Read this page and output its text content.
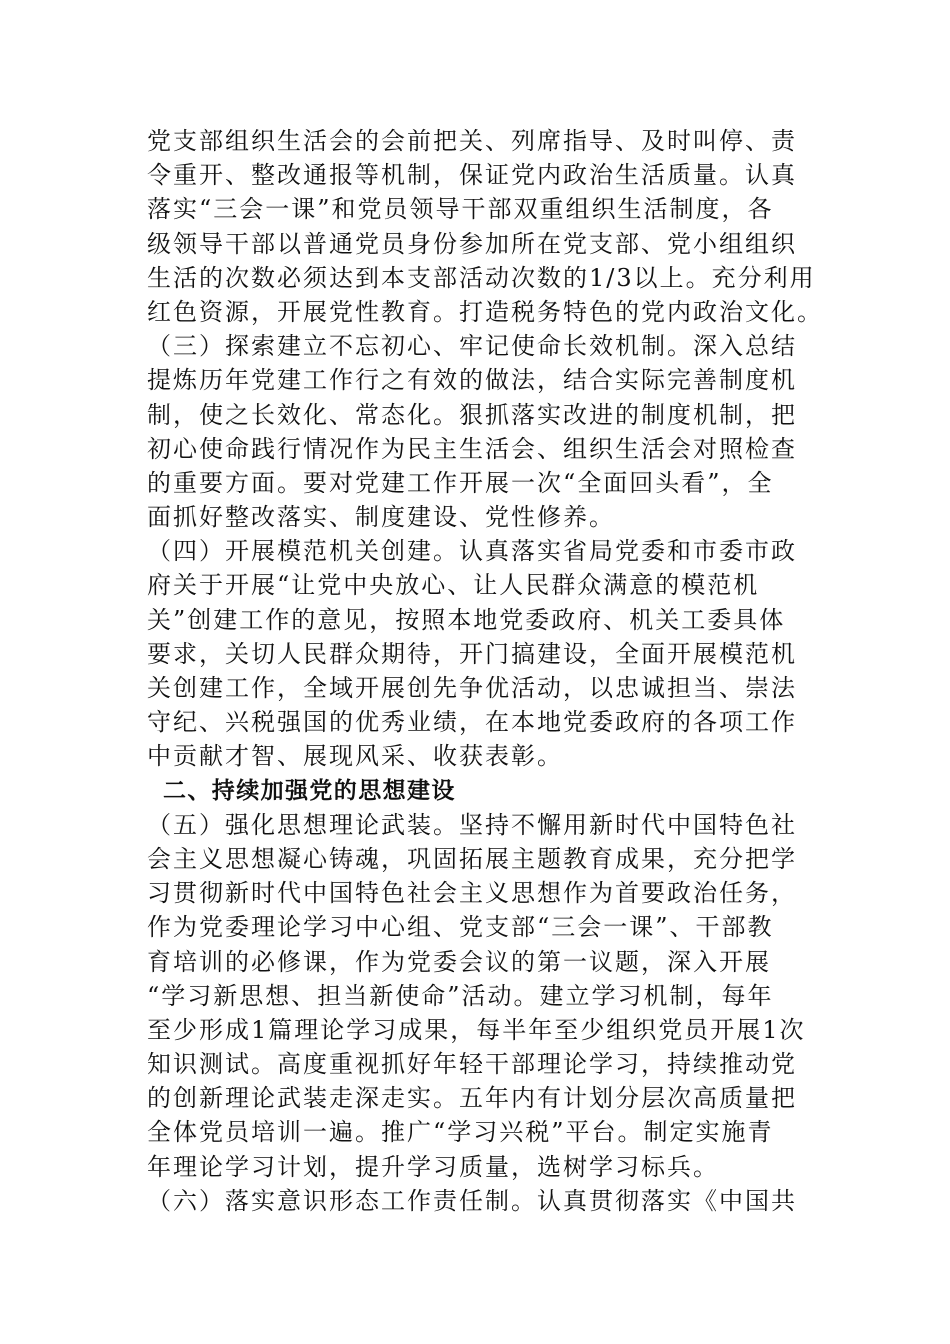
党支部组织生活会的会前把关、列席指导、及时叫停、责
令重开、整改通报等机制，保证党内政治生活质量。认真
落实“三会一课”和党员领导干部双重组织生活制度，各
级领导干部以普通党员身份参加所在党支部、党小组组织
生活的次数必须达到本支部活动次数的1/3以上。充分利用
红色资源，开展党性教育。打造税务特色的党内政治文化。
（三）探索建立不忘初心、牢记使命长效机制。深入总结
提炼历年党建工作行之有效的做法，结合实际完善制度机
制，使之长效化、常态化。狠抓落实改进的制度机制，把
初心使命践行情况作为民主生活会、组织生活会对照检查
的重要方面。要对党建工作开展一次“全面回头看”，全
面抓好整改落实、制度建设、党性修养。
（四）开展模范机关创建。认真落实省局党委和市委市政
府关于开展“让党中央放心、让人民群众满意的模范机
关”创建工作的意见，按照本地党委政府、机关工委具体
要求，关切人民群众期待，开门搞建设，全面开展模范机
关创建工作，全域开展创先争优活动，以忠诚担当、崇法
守纪、兴税强国的优秀业绩，在本地党委政府的各项工作
中贡献才智、展现风采、收获表彰。
二、持续加强党的思想建设
（五）强化思想理论武装。坚持不懈用新时代中国特色社
会主义思想凝心铸魂，巩固拓展主题教育成果，充分把学
习贯彻新时代中国特色社会主义思想作为首要政治任务，
作为党委理论学习中心组、党支部“三会一课”、干部教
育培训的必修课，作为党委会议的第一议题，深入开展
“学习新思想、担当新使命”活动。建立学习机制，每年
至少形成1篇理论学习成果，每半年至少组织党员开展1次
知识测试。高度重视抓好年轻干部理论学习，持续推动党
的创新理论武装走深走实。五年内有计划分层次高质量把
全体党员培训一遍。推广“学习兴税”平台。制定实施青
年理论学习计划，提升学习质量，选树学习标兵。
（六）落实意识形态工作责任制。认真贯彻落实《中国共
